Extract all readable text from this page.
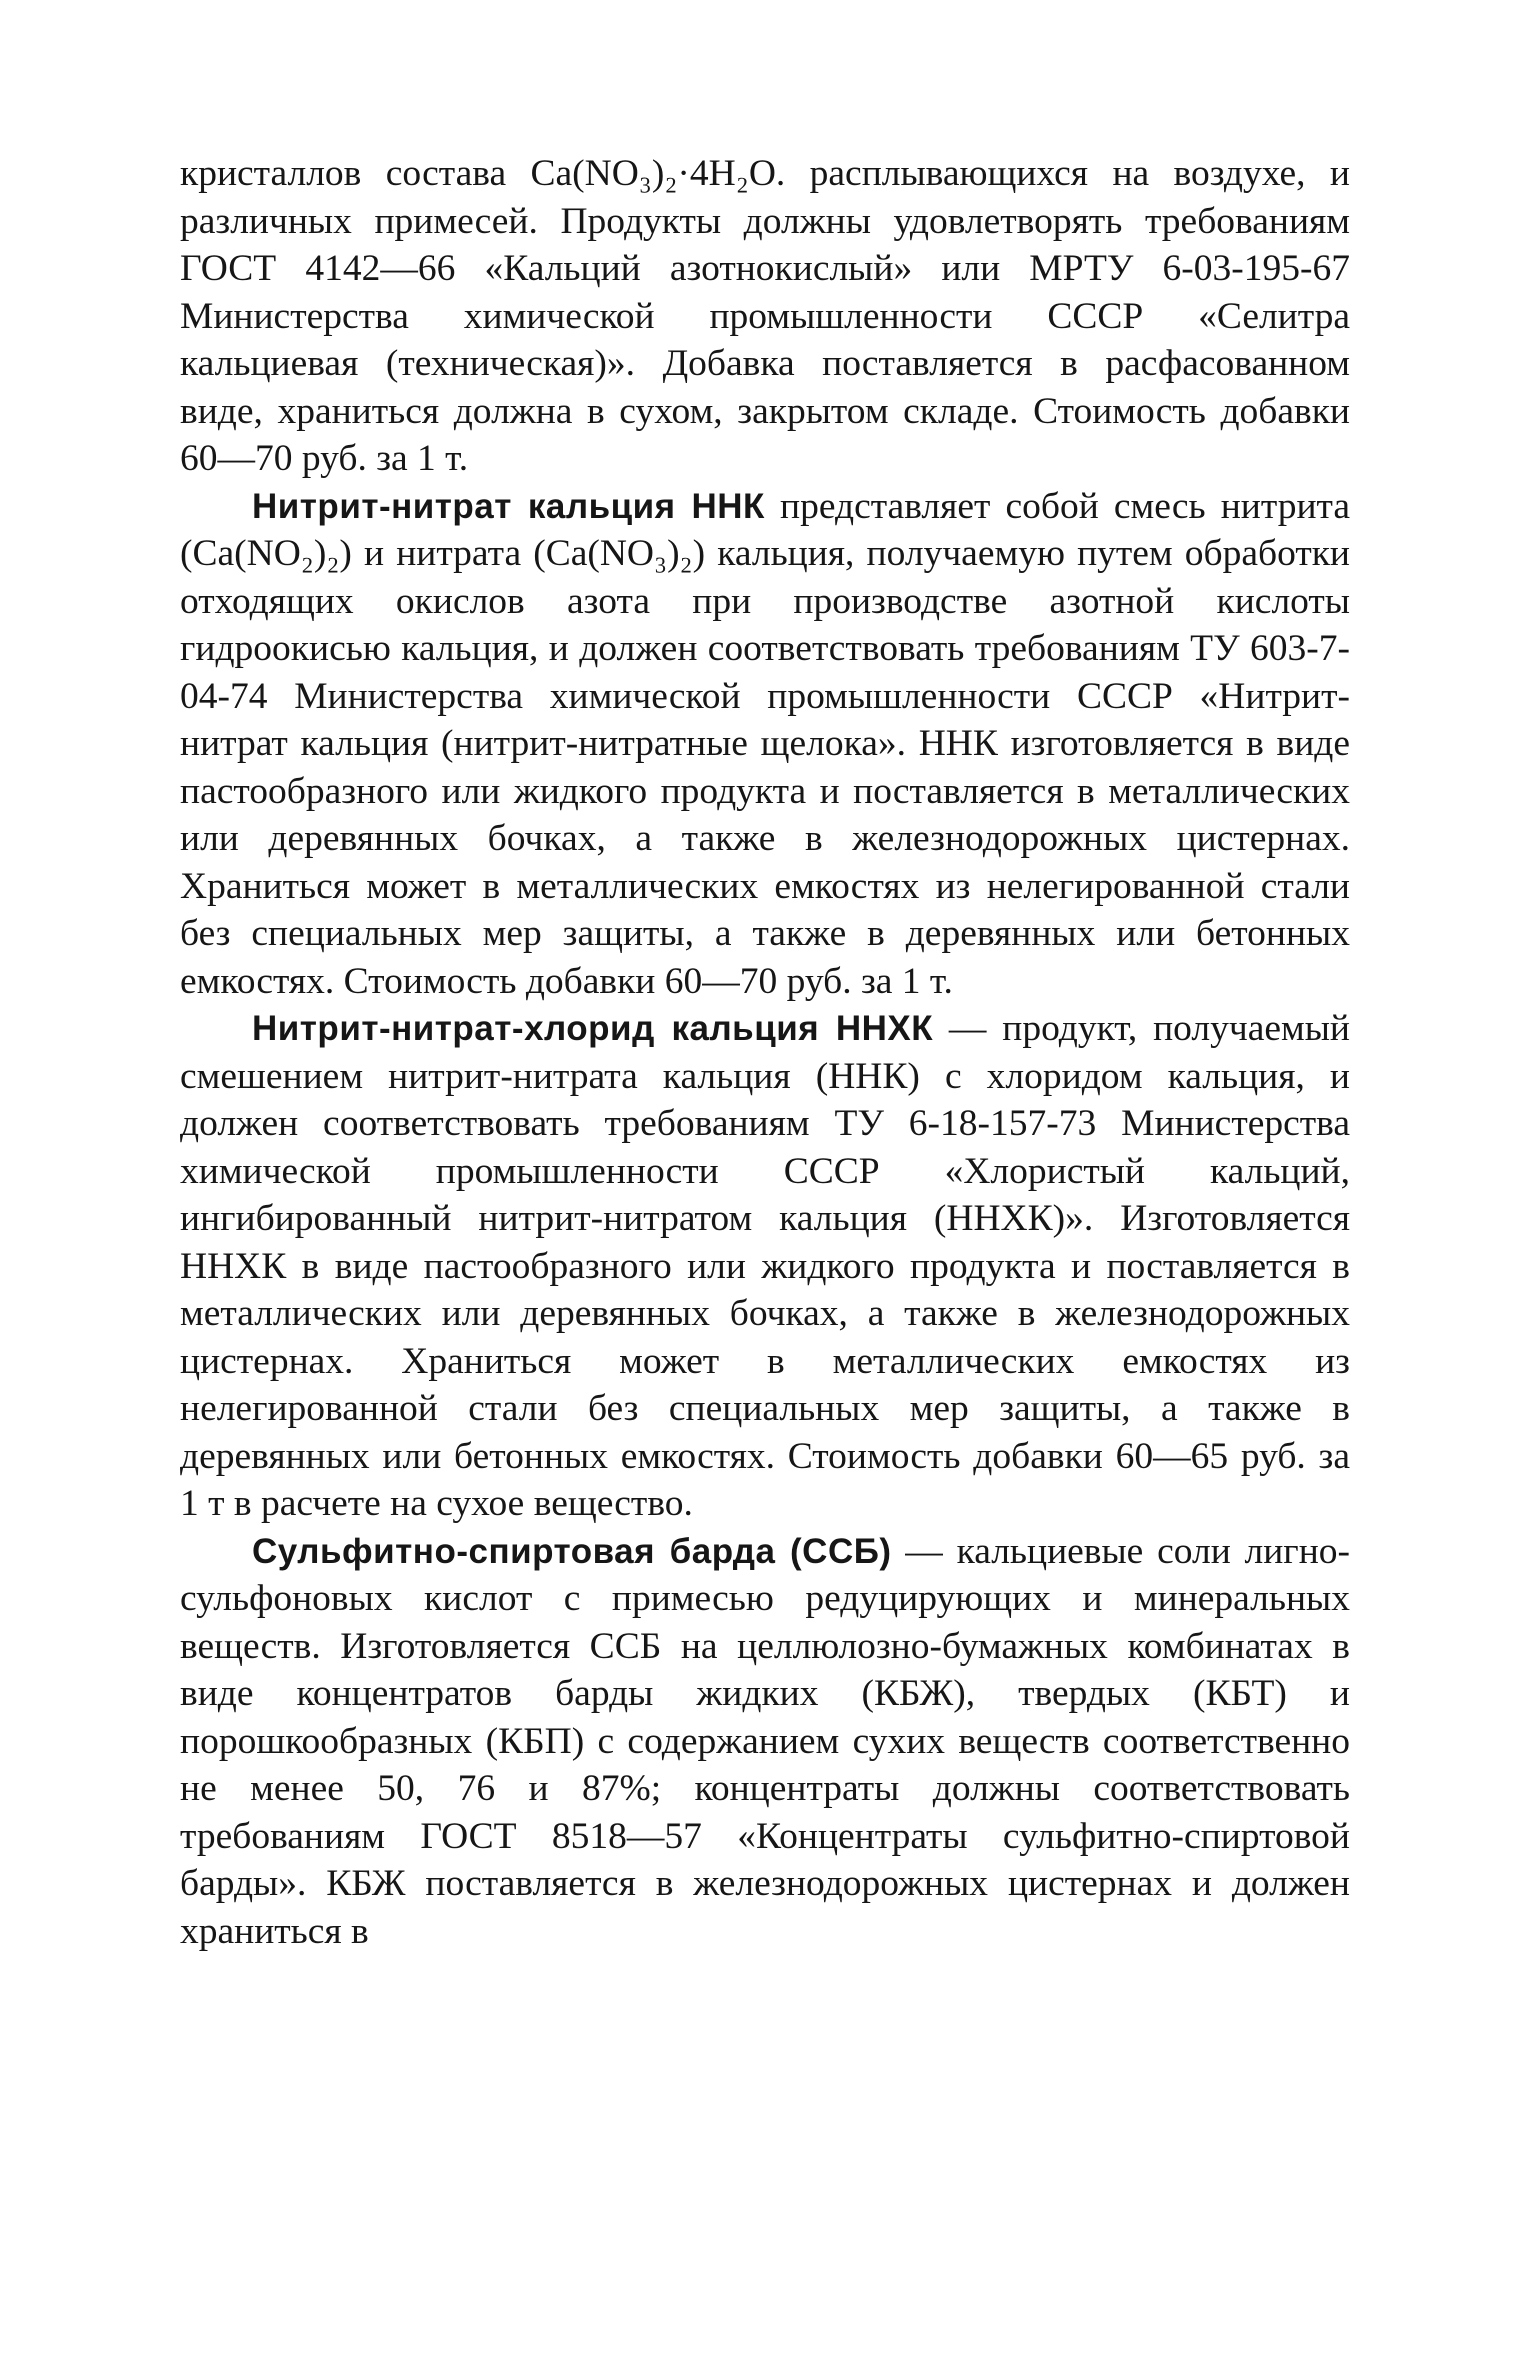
кристаллов состава Ca(NO₃)₂·4H₂O. расплывающихся на воздухе, и различных примесей. Продукты должны удовлетворять требованиям ГОСТ 4142—66 «Кальций азотнокислый» или МРТУ 6-03-195-67 Министерства химической промышленности СССР «Селитра кальциевая (техническая)». Добавка поставляется в расфасованном виде, храниться должна в сухом, закрытом складе. Стоимость добавки 60—70 руб. за 1 т.

Нитрит-нитрат кальция ННК представляет собой смесь нитрита (Ca(NO₂)₂) и нитрата (Ca(NO₃)₂) кальция, получаемую путем обработки отходящих окислов азота при производстве азотной кислоты гидроокисью кальция, и должен соответствовать требованиям ТУ 603-7-04-74 Министерства химической промышленности СССР «Нитрит-нитрат кальция (нитрит-нитратные щелока». ННК изготовляется в виде пастообразного или жидкого продукта и поставляется в металлических или деревянных бочках, а также в железнодорожных цистернах. Храниться может в металлических емкостях из нелегированной стали без специальных мер защиты, а также в деревянных или бетонных емкостях. Стоимость добавки 60—70 руб. за 1 т.

Нитрит-нитрат-хлорид кальция ННХК — продукт, получаемый смешением нитрит-нитрата кальция (ННК) с хлоридом кальция, и должен соответствовать требованиям ТУ 6-18-157-73 Министерства химической промышленности СССР «Хлористый кальций, ингибированный нитрит-нитратом кальция (ННХК)». Изготовляется ННХК в виде пастообразного или жидкого продукта и поставляется в металлических или деревянных бочках, а также в железнодорожных цистернах. Храниться может в металлических емкостях из нелегированной стали без специальных мер защиты, а также в деревянных или бетонных емкостях. Стоимость добавки 60—65 руб. за 1 т в расчете на сухое вещество.

Сульфитно-спиртовая барда (ССБ) — кальциевые соли лигно-сульфоновых кислот с примесью редуцирующих и минеральных веществ. Изготовляется ССБ на целлюлозно-бумажных комбинатах в виде концентратов барды жидких (КБЖ), твердых (КБТ) и порошкообразных (КБП) с содержанием сухих веществ соответственно не менее 50, 76 и 87%; концентраты должны соответствовать требованиям ГОСТ 8518—57 «Концентраты сульфитно-спиртовой барды». КБЖ поставляется в железнодорожных цистернах и должен храниться в
